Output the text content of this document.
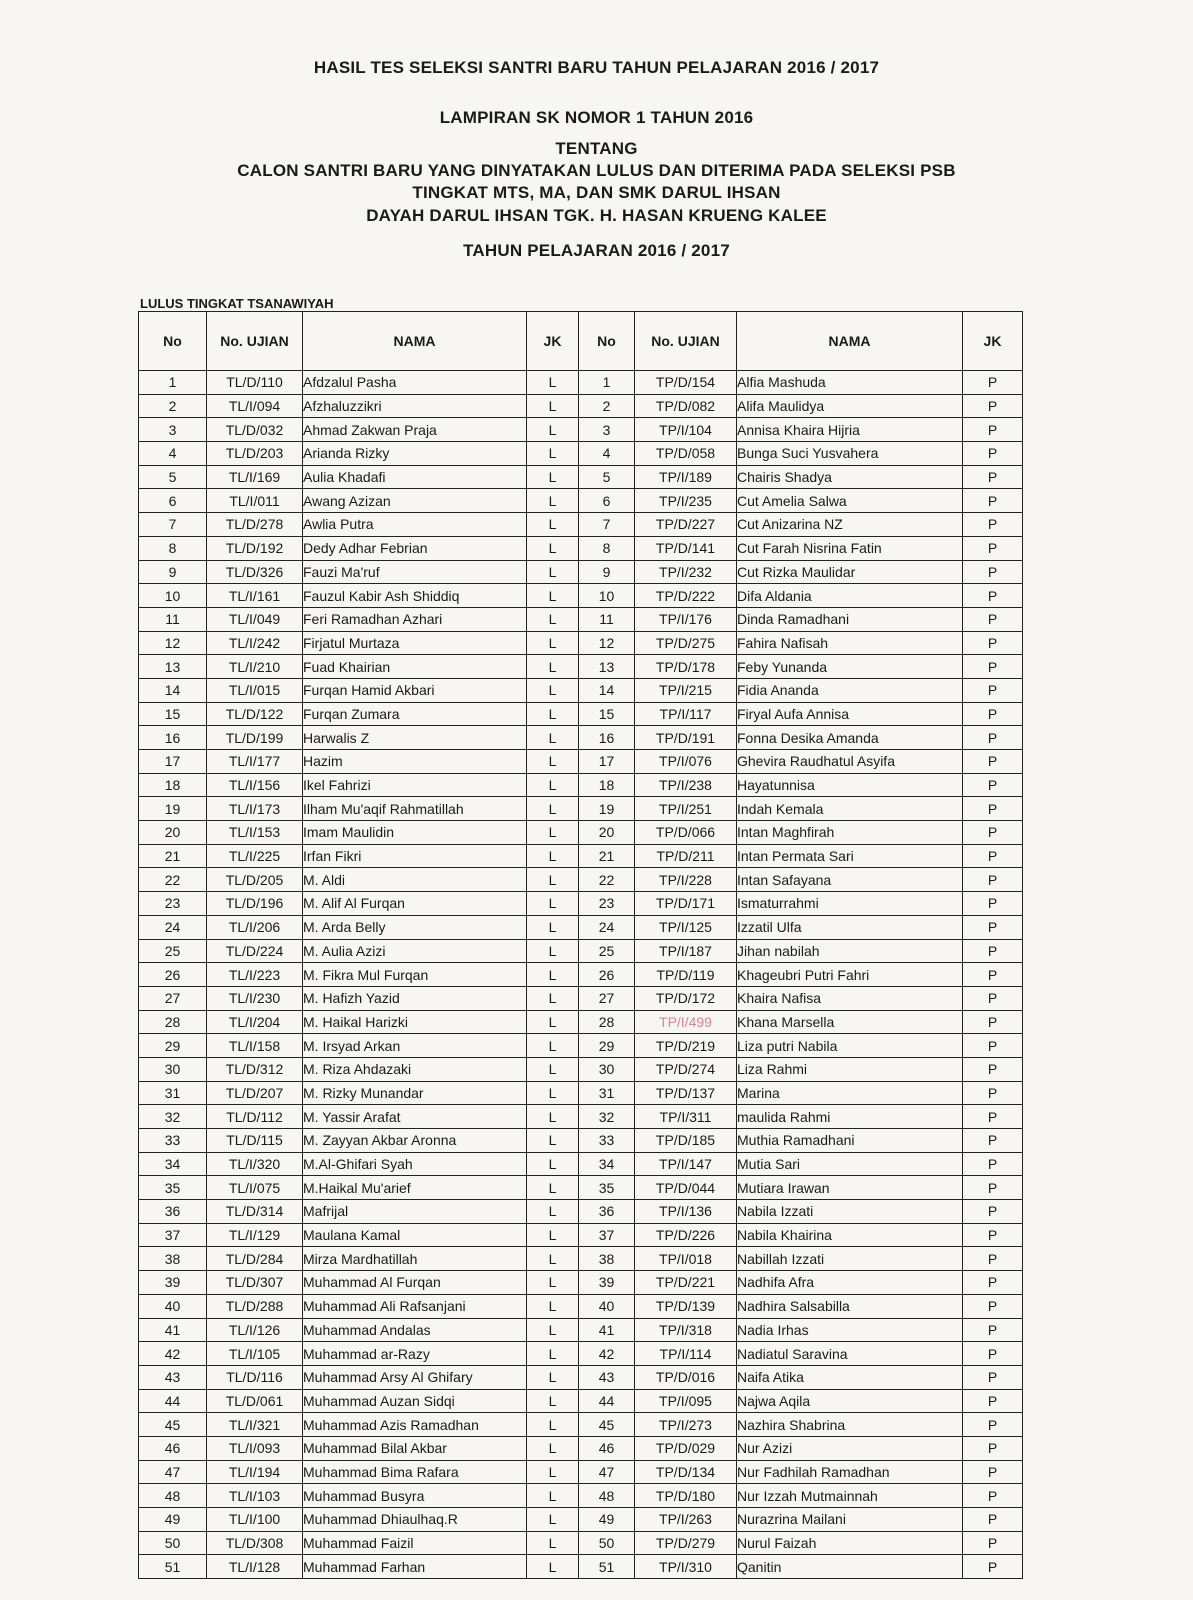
HASIL TES SELEKSI SANTRI BARU TAHUN PELAJARAN 2016 / 2017
LAMPIRAN SK NOMOR 1 TAHUN 2016
TENTANG
CALON SANTRI BARU YANG DINYATAKAN LULUS DAN DITERIMA PADA SELEKSI PSB
TINGKAT MTS, MA, DAN SMK DARUL IHSAN
DAYAH DARUL IHSAN TGK. H. HASAN KRUENG KALEE
TAHUN PELAJARAN 2016 / 2017
LULUS TINGKAT TSANAWIYAH
No	No. UJIAN	NAMA	JK	No	No. UJIAN	NAMA	JK
1	TL/D/110	Afdzalul Pasha	L	1	TP/D/154	Alfia Mashuda	P
2	TL/I/094	Afzhaluzzikri	L	2	TP/D/082	Alifa Maulidya	P
3	TL/D/032	Ahmad Zakwan Praja	L	3	TP/I/104	Annisa Khaira Hijria	P
4	TL/D/203	Arianda Rizky	L	4	TP/D/058	Bunga Suci Yusvahera	P
5	TL/I/169	Aulia Khadafi	L	5	TP/I/189	Chairis Shadya	P
6	TL/I/011	Awang Azizan	L	6	TP/I/235	Cut Amelia Salwa	P
7	TL/D/278	Awlia Putra	L	7	TP/D/227	Cut Anizarina NZ	P
8	TL/D/192	Dedy Adhar Febrian	L	8	TP/D/141	Cut Farah Nisrina Fatin	P
9	TL/D/326	Fauzi Ma'ruf	L	9	TP/I/232	Cut Rizka Maulidar	P
10	TL/I/161	Fauzul Kabir Ash Shiddiq	L	10	TP/D/222	Difa Aldania	P
11	TL/I/049	Feri Ramadhan Azhari	L	11	TP/I/176	Dinda Ramadhani	P
12	TL/I/242	Firjatul Murtaza	L	12	TP/D/275	Fahira Nafisah	P
13	TL/I/210	Fuad Khairian	L	13	TP/D/178	Feby Yunanda	P
14	TL/I/015	Furqan Hamid Akbari	L	14	TP/I/215	Fidia Ananda	P
15	TL/D/122	Furqan Zumara	L	15	TP/I/117	Firyal Aufa Annisa	P
16	TL/D/199	Harwalis Z	L	16	TP/D/191	Fonna Desika Amanda	P
17	TL/I/177	Hazim	L	17	TP/I/076	Ghevira Raudhatul Asyifa	P
18	TL/I/156	Ikel Fahrizi	L	18	TP/I/238	Hayatunnisa	P
19	TL/I/173	Ilham Mu'aqif Rahmatillah	L	19	TP/I/251	Indah Kemala	P
20	TL/I/153	Imam Maulidin	L	20	TP/D/066	Intan Maghfirah	P
21	TL/I/225	Irfan Fikri	L	21	TP/D/211	Intan Permata Sari	P
22	TL/D/205	M. Aldi	L	22	TP/I/228	Intan Safayana	P
23	TL/D/196	M. Alif Al Furqan	L	23	TP/D/171	Ismaturrahmi	P
24	TL/I/206	M. Arda Belly	L	24	TP/I/125	Izzatil Ulfa	P
25	TL/D/224	M. Aulia Azizi	L	25	TP/I/187	Jihan nabilah	P
26	TL/I/223	M. Fikra Mul Furqan	L	26	TP/D/119	Khageubri Putri Fahri	P
27	TL/I/230	M. Hafizh Yazid	L	27	TP/D/172	Khaira Nafisa	P
28	TL/I/204	M. Haikal Harizki	L	28	TP/I/499	Khana Marsella	P
29	TL/I/158	M. Irsyad Arkan	L	29	TP/D/219	Liza putri Nabila	P
30	TL/D/312	M. Riza Ahdazaki	L	30	TP/D/274	Liza Rahmi	P
31	TL/D/207	M. Rizky Munandar	L	31	TP/D/137	Marina	P
32	TL/D/112	M. Yassir Arafat	L	32	TP/I/311	maulida Rahmi	P
33	TL/D/115	M. Zayyan Akbar Aronna	L	33	TP/D/185	Muthia Ramadhani	P
34	TL/I/320	M.Al-Ghifari Syah	L	34	TP/I/147	Mutia Sari	P
35	TL/I/075	M.Haikal Mu'arief	L	35	TP/D/044	Mutiara Irawan	P
36	TL/D/314	Mafrijal	L	36	TP/I/136	Nabila Izzati	P
37	TL/I/129	Maulana Kamal	L	37	TP/D/226	Nabila Khairina	P
38	TL/D/284	Mirza Mardhatillah	L	38	TP/I/018	Nabillah Izzati	P
39	TL/D/307	Muhammad Al Furqan	L	39	TP/D/221	Nadhifa Afra	P
40	TL/D/288	Muhammad Ali Rafsanjani	L	40	TP/D/139	Nadhira Salsabilla	P
41	TL/I/126	Muhammad Andalas	L	41	TP/I/318	Nadia Irhas	P
42	TL/I/105	Muhammad ar-Razy	L	42	TP/I/114	Nadiatul Saravina	P
43	TL/D/116	Muhammad Arsy Al Ghifary	L	43	TP/D/016	Naifa Atika	P
44	TL/D/061	Muhammad Auzan Sidqi	L	44	TP/I/095	Najwa Aqila	P
45	TL/I/321	Muhammad Azis Ramadhan	L	45	TP/I/273	Nazhira Shabrina	P
46	TL/I/093	Muhammad Bilal Akbar	L	46	TP/D/029	Nur Azizi	P
47	TL/I/194	Muhammad Bima Rafara	L	47	TP/D/134	Nur Fadhilah Ramadhan	P
48	TL/I/103	Muhammad Busyra	L	48	TP/D/180	Nur Izzah Mutmainnah	P
49	TL/I/100	Muhammad Dhiaulhaq.R	L	49	TP/I/263	Nurazrina Mailani	P
50	TL/D/308	Muhammad Faizil	L	50	TP/D/279	Nurul Faizah	P
51	TL/I/128	Muhammad Farhan	L	51	TP/I/310	Qanitin	P
